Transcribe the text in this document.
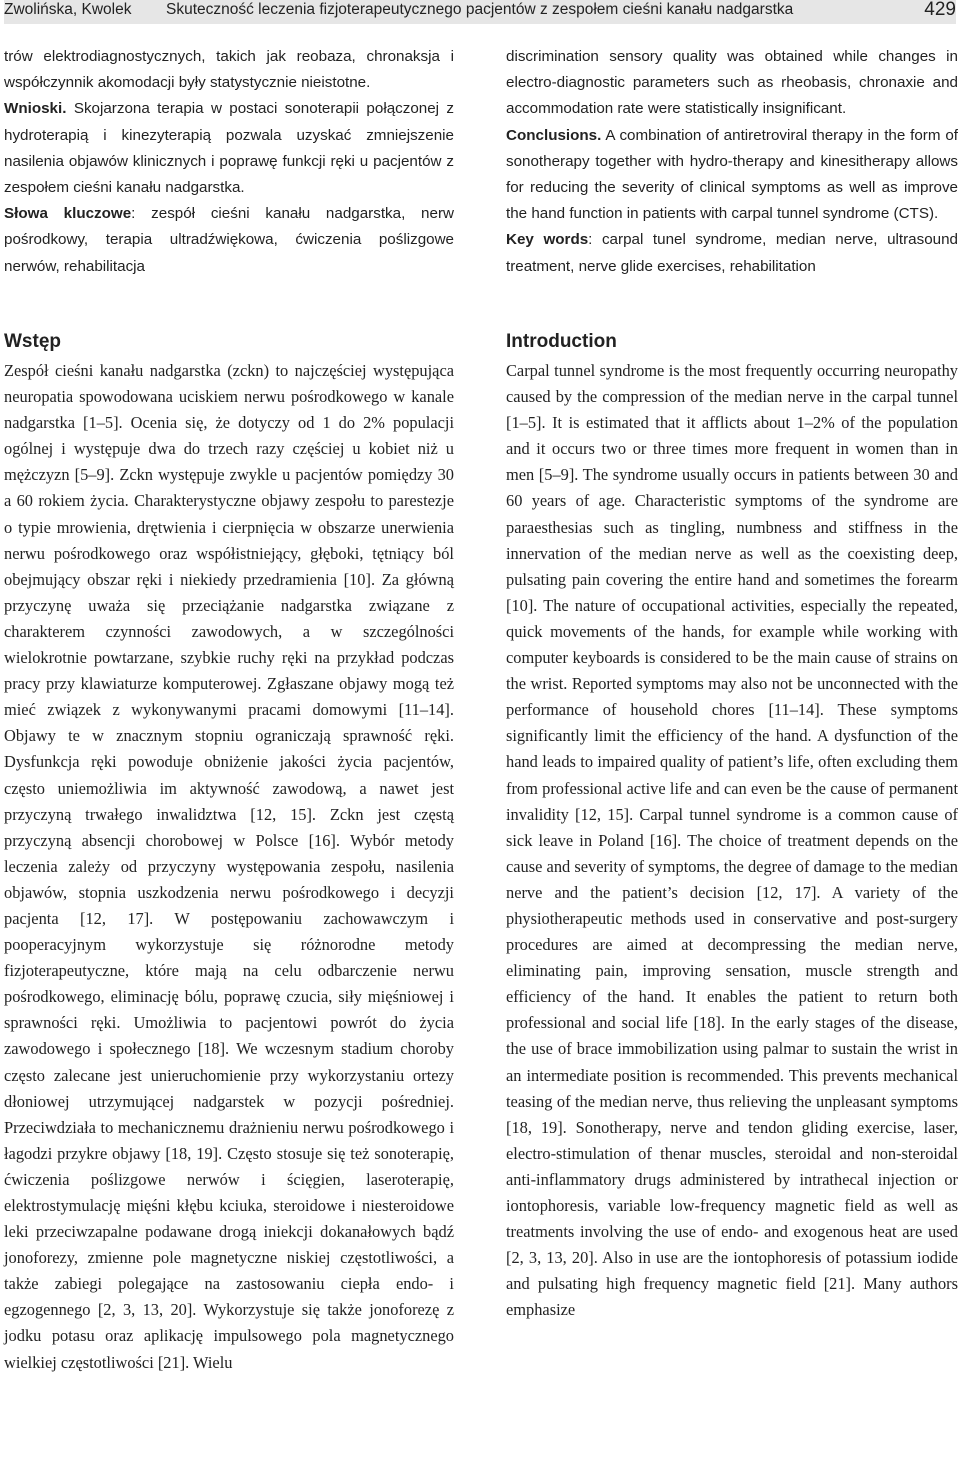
Zwolińska, Kwolek Skuteczność leczenia fizjoterapeutycznego pacjentów z zespołem cieśni kanału nadgarstka	429

trów elektrodiagnostycznych, takich jak reobaza, chronaksja i współczynnik akomodacji były statystycznie nieistotne.

Wnioski. Skojarzona terapia w postaci sonoterapii połączonej z hydroterapią i kinezyterapią pozwala uzyskać zmniejszenie nasilenia objawów klinicznych i poprawę funkcji ręki u pacjentów z zespołem cieśni kanału nadgarstka.

Słowa kluczowe: zespół cieśni kanału nadgarstka, nerw pośrodkowy, terapia ultradźwiękowa, ćwiczenia poślizgowe nerwów, rehabilitacja

Wstęp

Zespół cieśni kanału nadgarstka (zckn) to najczęściej występująca neuropatia spowodowana uciskiem nerwu pośrodkowego w kanale nadgarstka [1–5]. Ocenia się, że dotyczy od 1 do 2% populacji ogólnej i występuje dwa do trzech razy częściej u kobiet niż u mężczyzn [5–9]. Zckn występuje zwykle u pacjentów pomiędzy 30 a 60 rokiem życia. Charakterystyczne objawy zespołu to parestezje o typie mrowienia, drętwienia i cierpnięcia w obszarze unerwienia nerwu pośrodkowego oraz współistniejący, głęboki, tętniący ból obejmujący obszar ręki i niekiedy przedramienia [10]. Za główną przyczynę uważa się przeciążanie nadgarstka związane z charakterem czynności zawodowych, a w szczególności wielokrotnie powtarzane, szybkie ruchy ręki na przykład podczas pracy przy klawiaturze komputerowej. Zgłaszane objawy mogą też mieć związek z wykonywanymi pracami domowymi [11–14]. Objawy te w znacznym stopniu ograniczają sprawność ręki. Dysfunkcja ręki powoduje obniżenie jakości życia pacjentów, często uniemożliwia im aktywność zawodową, a nawet jest przyczyną trwałego inwalidztwa [12, 15]. Zckn jest częstą przyczyną absencji chorobowej w Polsce [16]. Wybór metody leczenia zależy od przyczyny występowania zespołu, nasilenia objawów, stopnia uszkodzenia nerwu pośrodkowego i decyzji pacjenta [12, 17]. W postępowaniu zachowawczym i pooperacyjnym wykorzystuje się różnorodne metody fizjoterapeutyczne, które mają na celu odbarczenie nerwu pośrodkowego, eliminację bólu, poprawę czucia, siły mięśniowej i sprawności ręki. Umożliwia to pacjentowi powrót do życia zawodowego i społecznego [18]. We wczesnym stadium choroby często zalecane jest unieruchomienie przy wykorzystaniu ortezy dłoniowej utrzymującej nadgarstek w pozycji pośredniej. Przeciwdziała to mechanicznemu drażnieniu nerwu pośrodkowego i łagodzi przykre objawy [18, 19]. Często stosuje się też sonoterapię, ćwiczenia poślizgowe nerwów i ścięgien, laseroterapię, elektrostymulację mięśni kłębu kciuka, steroidowe i niesteroidowe leki przeciwzapalne podawane drogą iniekcji dokanałowych bądź jonoforezy, zmienne pole magnetyczne niskiej częstotliwości, a także zabiegi polegające na zastosowaniu ciepła endo- i egzogennego [2, 3, 13, 20]. Wykorzystuje się także jonoforezę z jodku potasu oraz aplikację impulsowego pola magnetycznego wielkiej częstotliwości [21]. Wielu

discrimination sensory quality was obtained while changes in electro-diagnostic parameters such as rheobasis, chronaxie and accommodation rate were statistically insignificant.

Conclusions. A combination of antiretroviral therapy in the form of sonotherapy together with hydro-therapy and kinesitherapy allows for reducing the severity of clinical symptoms as well as improve the hand function in patients with carpal tunnel syndrome (CTS).

Key words: carpal tunel syndrome, median nerve, ultrasound treatment, nerve glide exercises, rehabilitation

Introduction

Carpal tunnel syndrome is the most frequently occurring neuropathy caused by the compression of the median nerve in the carpal tunnel [1–5]. It is estimated that it afflicts about 1–2% of the population and it occurs two or three times more frequent in women than in men [5–9]. The syndrome usually occurs in patients between 30 and 60 years of age. Characteristic symptoms of the syndrome are paraesthesias such as tingling, numbness and stiffness in the innervation of the median nerve as well as the coexisting deep, pulsating pain covering the entire hand and sometimes the forearm [10]. The nature of occupational activities, especially the repeated, quick movements of the hands, for example while working with computer keyboards is considered to be the main cause of strains on the wrist. Reported symptoms may also not be unconnected with the performance of household chores [11–14]. These symptoms significantly limit the efficiency of the hand. A dysfunction of the hand leads to impaired quality of patient’s life, often excluding them from professional active life and can even be the cause of permanent invalidity [12, 15]. Carpal tunnel syndrome is a common cause of sick leave in Poland [16]. The choice of treatment depends on the cause and severity of symptoms, the degree of damage to the median nerve and the patient’s decision [12, 17]. A variety of the physiotherapeutic methods used in conservative and post-surgery procedures are aimed at decompressing the median nerve, eliminating pain, improving sensation, muscle strength and efficiency of the hand. It enables the patient to return both professional and social life [18]. In the early stages of the disease, the use of brace immobilization using palmar to sustain the wrist in an intermediate position is recommended. This prevents mechanical teasing of the median nerve, thus relieving the unpleasant symptoms [18, 19]. Sonotherapy, nerve and tendon gliding exercise, laser, electro-stimulation of thenar muscles, steroidal and non-steroidal anti-inflammatory drugs administered by intrathecal injection or iontophoresis, variable low-frequency magnetic field as well as treatments involving the use of endo- and exogenous heat are used [2, 3, 13, 20]. Also in use are the iontophoresis of potassium iodide and pulsating high frequency magnetic field [21]. Many authors emphasize
